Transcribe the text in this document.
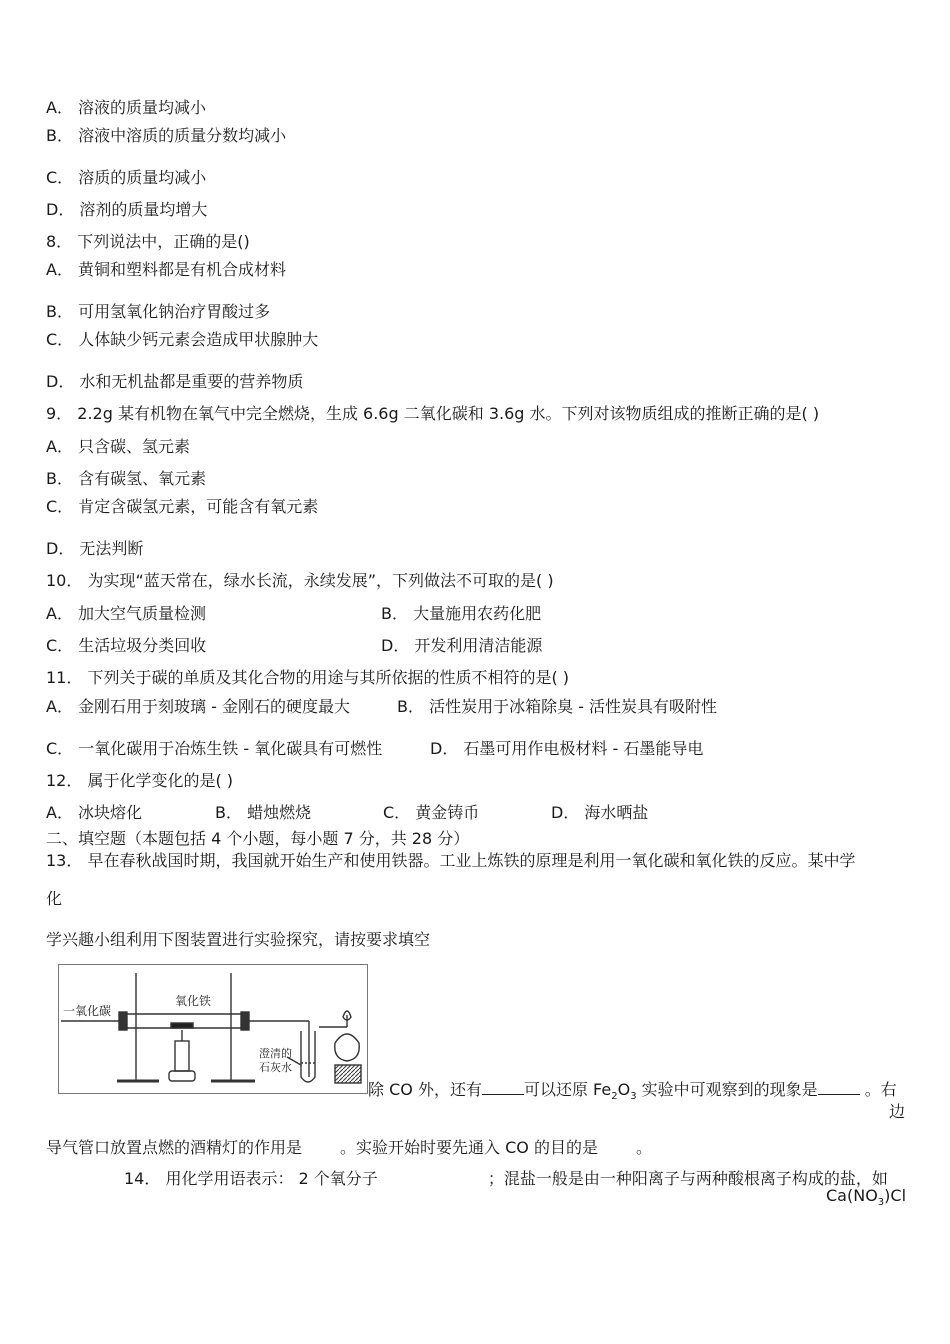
A． 溶液的质量均减小
B． 溶液中溶质的质量分数均减小
C． 溶质的质量均减小
D． 溶剂的质量均增大
8． 下列说法中，正确的是()
A． 黄铜和塑料都是有机合成材料
B． 可用氢氧化钠治疗胃酸过多
C． 人体缺少钙元素会造成甲状腺肿大
D． 水和无机盐都是重要的营养物质
9． 2.2g 某有机物在氧气中完全燃烧，生成 6.6g 二氧化碳和 3.6g 水。下列对该物质组成的推断正确的是( )
A． 只含碳、氢元素
B． 含有碳氢、氧元素
C． 肯定含碳氢元素，可能含有氧元素
D． 无法判断
10． 为实现“蓝天常在，绿水长流，永续发展”，下列做法不可取的是( )
A． 加大空气质量检测	B． 大量施用农药化肥
C． 生活垃圾分类回收	D． 开发利用清洁能源
11． 下列关于碳的单质及其化合物的用途与其所依据的性质不相符的是( )
A． 金刚石用于刻玻璃 - 金刚石的硬度最大	B． 活性炭用于冰箱除臭 - 活性炭具有吸附性
C． 一氧化碳用于冶炼生铁 - 氧化碳具有可燃性	D． 石墨可用作电极材料 - 石墨能导电
12． 属于化学变化的是( )
A． 冰块熔化	B． 蜡烛燃烧	C． 黄金铸币	D． 海水晒盐
二、填空题（本题包括 4 个小题，每小题 7 分，共 28 分）
13． 早在春秋战国时期，我国就开始生产和使用铁器。工业上炼铁的原理是利用一氧化碳和氧化铁的反应。某中学
化
学兴趣小组利用下图装置进行实验探究，请按要求填空
一氧化碳
氧化铁
澄清的
石灰水
除 CO 外，还有	可以还原 $Fe_2O_3$ 实验中可观察到的现象是	。右
边
导气管口放置点燃的酒精灯的作用是 。实验开始时要先通入 CO 的目的是 。
14． 用化学用语表示： 2 个氧分子	；混盐一般是由一种阳离子与两种酸根离子构成的盐，如
$Ca(NO_3)Cl$
